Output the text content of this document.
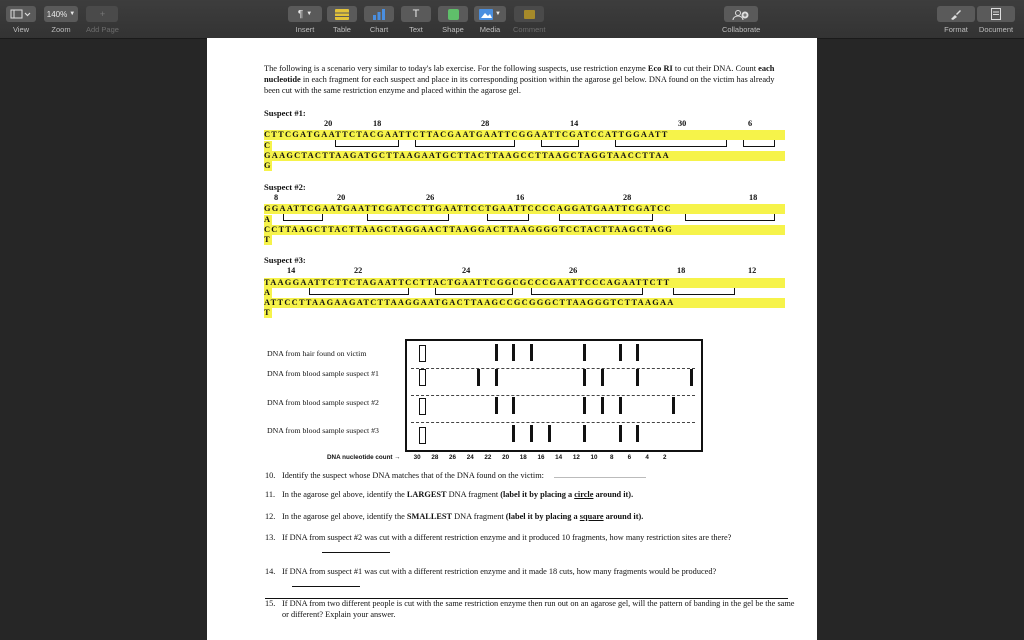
View
140% ▼
Zoom
+
Add Page
¶ ▼
Insert Table	Chart
T
Text	Shape
▼
Media Comment	Collaborate	Format Document
The following is a scenario very similar to today's lab exercise. For the following suspects, use restriction enzyme Eco RI to cut their DNA. Count each nucleotide in each fragment for each suspect and place in its corresponding position within the agarose gel below. DNA found on the victim has already been cut with the same restriction enzyme and placed within the agarose gel.
Suspect #1:
20	18	28	14	30	6
CTTCGATGAATTCTACGAATTCTTACGAATGAATTCGGAATTCGATCCATTGGAATT
C
GAAGCTACTTAAGATGCTTAAGAATGCTTACTTAAGCCTTAAGCTAGGTAACCTTAA
G
Suspect #2:
8	20	26	16	28	18
GGAATTCGAATGAATTCGATCCTTGAATTCCTGAATTCCCCAGGATGAATTCGATCC
A
CCTTAAGCTTACTTAAGCTAGGAACTTAAGGACTTAAGGGGTCCTACTTAAGCTAGG
T
Suspect #3:
14	22	24	26	18	12
TAAGGAATTCTTCTAGAATTCCTTACTGAATTCGGCGCCCGAATTCCCAGAATTCTT
A
ATTCCTTAAGAAGATCTTAAGGAATGACTTAAGCCGCGGGCTTAAGGGTCTTAAGAA
T
DNA from hair found on victim
DNA from blood sample suspect #1
DNA from blood sample suspect #2
DNA from blood sample suspect #3
DNA nucleotide count → 30 28 26 24 22 20 18 16 14 12 10 8 6 4 2
10. Identify the suspect whose DNA matches that of the DNA found on the victim:
11. In the agarose gel above, identify the LARGEST DNA fragment (label it by placing a circle around it).
12. In the agarose gel above, identify the SMALLEST DNA fragment (label it by placing a square around it).
13. If DNA from suspect #2 was cut with a different restriction enzyme and it produced 10 fragments, how many restriction sites are there?
14. If DNA from suspect #1 was cut with a different restriction enzyme and it made 18 cuts, how many fragments would be produced?
15. If DNA from two different people is cut with the same restriction enzyme then run out on an agarose gel, will the pattern of banding in the gel be the same or different? Explain your answer.
